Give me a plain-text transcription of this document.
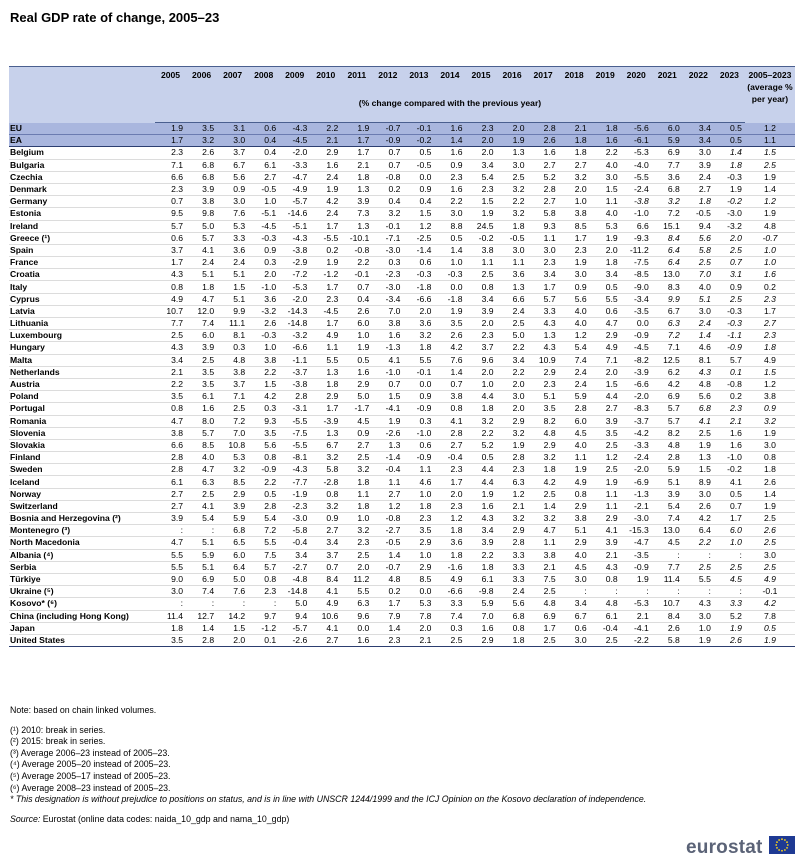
Real GDP rate of change, 2005–23
	2005	2006	2007	2008	2009	2010	2011	2012	2013	2014	2015	2016	2017	2018	2019	2020	2021	2022	2023	2005–2023 (average % per year)
	(% change compared with the previous year)																			
EU	1.9	3.5	3.1	0.6	-4.3	2.2	1.9	-0.7	-0.1	1.6	2.3	2.0	2.8	2.1	1.8	-5.6	6.0	3.4	0.5	1.2
EA	1.7	3.2	3.0	0.4	-4.5	2.1	1.7	-0.9	-0.2	1.4	2.0	1.9	2.6	1.8	1.6	-6.1	5.9	3.4	0.5	1.1
Belgium	2.3	2.6	3.7	0.4	-2.0	2.9	1.7	0.7	0.5	1.6	2.0	1.3	1.6	1.8	2.2	-5.3	6.9	3.0	1.4	1.5
Bulgaria	7.1	6.8	6.7	6.1	-3.3	1.6	2.1	0.7	-0.5	0.9	3.4	3.0	2.7	2.7	4.0	-4.0	7.7	3.9	1.8	2.5
Czechia	6.6	6.8	5.6	2.7	-4.7	2.4	1.8	-0.8	0.0	2.3	5.4	2.5	5.2	3.2	3.0	-5.5	3.6	2.4	-0.3	1.9
Denmark	2.3	3.9	0.9	-0.5	-4.9	1.9	1.3	0.2	0.9	1.6	2.3	3.2	2.8	2.0	1.5	-2.4	6.8	2.7	1.9	1.4
Germany	0.7	3.8	3.0	1.0	-5.7	4.2	3.9	0.4	0.4	2.2	1.5	2.2	2.7	1.0	1.1	-3.8	3.2	1.8	-0.2	1.2
Estonia	9.5	9.8	7.6	-5.1	-14.6	2.4	7.3	3.2	1.5	3.0	1.9	3.2	5.8	3.8	4.0	-1.0	7.2	-0.5	-3.0	1.9
Ireland	5.7	5.0	5.3	-4.5	-5.1	1.7	1.3	-0.1	1.2	8.8	24.5	1.8	9.3	8.5	5.3	6.6	15.1	9.4	-3.2	4.8
Greece (¹)	0.6	5.7	3.3	-0.3	-4.3	-5.5	-10.1	-7.1	-2.5	0.5	-0.2	-0.5	1.1	1.7	1.9	-9.3	8.4	5.6	2.0	-0.7
Spain	3.7	4.1	3.6	0.9	-3.8	0.2	-0.8	-3.0	-1.4	1.4	3.8	3.0	3.0	2.3	2.0	-11.2	6.4	5.8	2.5	1.0
France	1.7	2.4	2.4	0.3	-2.9	1.9	2.2	0.3	0.6	1.0	1.1	1.1	2.3	1.9	1.8	-7.5	6.4	2.5	0.7	1.0
Croatia	4.3	5.1	5.1	2.0	-7.2	-1.2	-0.1	-2.3	-0.3	-0.3	2.5	3.6	3.4	3.0	3.4	-8.5	13.0	7.0	3.1	1.6
Italy	0.8	1.8	1.5	-1.0	-5.3	1.7	0.7	-3.0	-1.8	0.0	0.8	1.3	1.7	0.9	0.5	-9.0	8.3	4.0	0.9	0.2
Cyprus	4.9	4.7	5.1	3.6	-2.0	2.3	0.4	-3.4	-6.6	-1.8	3.4	6.6	5.7	5.6	5.5	-3.4	9.9	5.1	2.5	2.3
Latvia	10.7	12.0	9.9	-3.2	-14.3	-4.5	2.6	7.0	2.0	1.9	3.9	2.4	3.3	4.0	0.6	-3.5	6.7	3.0	-0.3	1.7
Lithuania	7.7	7.4	11.1	2.6	-14.8	1.7	6.0	3.8	3.6	3.5	2.0	2.5	4.3	4.0	4.7	0.0	6.3	2.4	-0.3	2.7
Luxembourg	2.5	6.0	8.1	-0.3	-3.2	4.9	1.0	1.6	3.2	2.6	2.3	5.0	1.3	1.2	2.9	-0.9	7.2	1.4	-1.1	2.3
Hungary	4.3	3.9	0.3	1.0	-6.6	1.1	1.9	-1.3	1.8	4.2	3.7	2.2	4.3	5.4	4.9	-4.5	7.1	4.6	-0.9	1.8
Malta	3.4	2.5	4.8	3.8	-1.1	5.5	0.5	4.1	5.5	7.6	9.6	3.4	10.9	7.4	7.1	-8.2	12.5	8.1	5.7	4.9
Netherlands	2.1	3.5	3.8	2.2	-3.7	1.3	1.6	-1.0	-0.1	1.4	2.0	2.2	2.9	2.4	2.0	-3.9	6.2	4.3	0.1	1.5
Austria	2.2	3.5	3.7	1.5	-3.8	1.8	2.9	0.7	0.0	0.7	1.0	2.0	2.3	2.4	1.5	-6.6	4.2	4.8	-0.8	1.2
Poland	3.5	6.1	7.1	4.2	2.8	2.9	5.0	1.5	0.9	3.8	4.4	3.0	5.1	5.9	4.4	-2.0	6.9	5.6	0.2	3.8
Portugal	0.8	1.6	2.5	0.3	-3.1	1.7	-1.7	-4.1	-0.9	0.8	1.8	2.0	3.5	2.8	2.7	-8.3	5.7	6.8	2.3	0.9
Romania	4.7	8.0	7.2	9.3	-5.5	-3.9	4.5	1.9	0.3	4.1	3.2	2.9	8.2	6.0	3.9	-3.7	5.7	4.1	2.1	3.2
Slovenia	3.8	5.7	7.0	3.5	-7.5	1.3	0.9	-2.6	-1.0	2.8	2.2	3.2	4.8	4.5	3.5	-4.2	8.2	2.5	1.6	1.9
Slovakia	6.6	8.5	10.8	5.6	-5.5	6.7	2.7	1.3	0.6	2.7	5.2	1.9	2.9	4.0	2.5	-3.3	4.8	1.9	1.6	3.0
Finland	2.8	4.0	5.3	0.8	-8.1	3.2	2.5	-1.4	-0.9	-0.4	0.5	2.8	3.2	1.1	1.2	-2.4	2.8	1.3	-1.0	0.8
Sweden	2.8	4.7	3.2	-0.9	-4.3	5.8	3.2	-0.4	1.1	2.3	4.4	2.3	1.8	1.9	2.5	-2.0	5.9	1.5	-0.2	1.8
Iceland	6.1	6.3	8.5	2.2	-7.7	-2.8	1.8	1.1	4.6	1.7	4.4	6.3	4.2	4.9	1.9	-6.9	5.1	8.9	4.1	2.6
Norway	2.7	2.5	2.9	0.5	-1.9	0.8	1.1	2.7	1.0	2.0	1.9	1.2	2.5	0.8	1.1	-1.3	3.9	3.0	0.5	1.4
Switzerland	2.7	4.1	3.9	2.8	-2.3	3.2	1.8	1.2	1.8	2.3	1.6	2.1	1.4	2.9	1.1	-2.1	5.4	2.6	0.7	1.9
Bosnia and Herzegovina (²)	3.9	5.4	5.9	5.4	-3.0	0.9	1.0	-0.8	2.3	1.2	4.3	3.2	3.2	3.8	2.9	-3.0	7.4	4.2	1.7	2.5
Montenegro (³)	:	:	6.8	7.2	-5.8	2.7	3.2	-2.7	3.5	1.8	3.4	2.9	4.7	5.1	4.1	-15.3	13.0	6.4	6.0	2.6
North Macedonia	4.7	5.1	6.5	5.5	-0.4	3.4	2.3	-0.5	2.9	3.6	3.9	2.8	1.1	2.9	3.9	-4.7	4.5	2.2	1.0	2.5
Albania (⁴)	5.5	5.9	6.0	7.5	3.4	3.7	2.5	1.4	1.0	1.8	2.2	3.3	3.8	4.0	2.1	-3.5	:	:	:	3.0
Serbia	5.5	5.1	6.4	5.7	-2.7	0.7	2.0	-0.7	2.9	-1.6	1.8	3.3	2.1	4.5	4.3	-0.9	7.7	2.5	2.5	2.5
Türkiye	9.0	6.9	5.0	0.8	-4.8	8.4	11.2	4.8	8.5	4.9	6.1	3.3	7.5	3.0	0.8	1.9	11.4	5.5	4.5	4.9
Ukraine (⁵)	3.0	7.4	7.6	2.3	-14.8	4.1	5.5	0.2	0.0	-6.6	-9.8	2.4	2.5	:	:	:	:	:	:	-0.1
Kosovo* (⁶)	:	:	:	:	5.0	4.9	6.3	1.7	5.3	3.3	5.9	5.6	4.8	3.4	4.8	-5.3	10.7	4.3	3.3	4.2
China (including Hong Kong)	11.4	12.7	14.2	9.7	9.4	10.6	9.6	7.9	7.8	7.4	7.0	6.8	6.9	6.7	6.1	2.1	8.4	3.0	5.2	7.8
Japan	1.8	1.4	1.5	-1.2	-5.7	4.1	0.0	1.4	2.0	0.3	1.6	0.8	1.7	0.6	-0.4	-4.1	2.6	1.0	1.9	0.5
United States	3.5	2.8	2.0	0.1	-2.6	2.7	1.6	2.3	2.1	2.5	2.9	1.8	2.5	3.0	2.5	-2.2	5.8	1.9	2.6	1.9
Note: based on chain linked volumes.
(¹) 2010: break in series.
(²) 2015: break in series.
(³) Average 2006–23 instead of 2005–23.
(⁴) Average 2005–20 instead of 2005–23.
(⁵) Average 2005–17 instead of 2005–23.
(⁶) Average 2008–23 instead of 2005–23.
* This designation is without prejudice to positions on status, and is in line with UNSCR 1244/1999 and the ICJ Opinion on the Kosovo declaration of independence.
Source: Eurostat (online data codes: naida_10_gdp and nama_10_gdp)
eurostat
